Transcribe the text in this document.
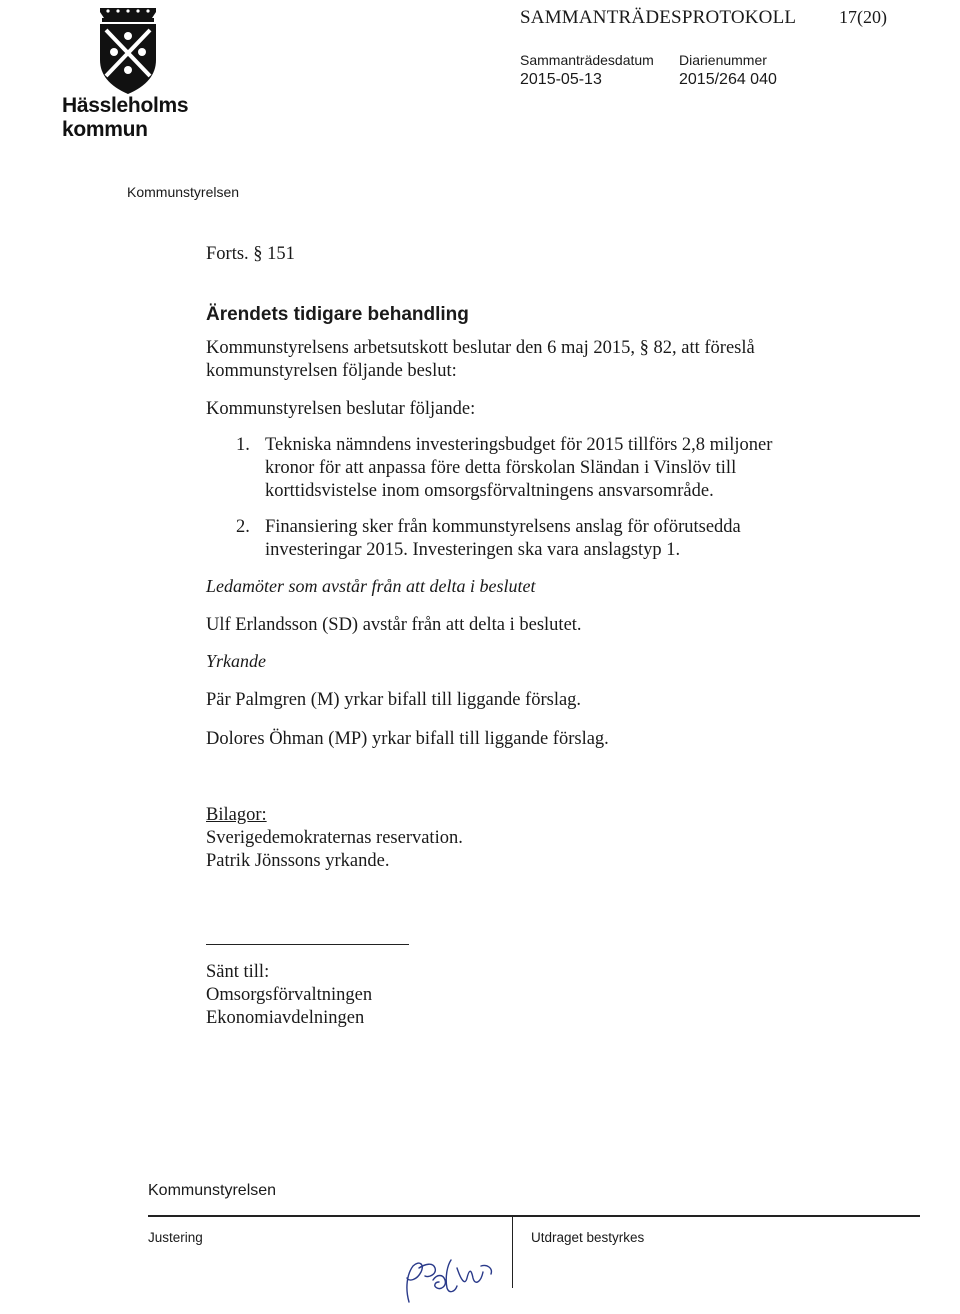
Hässleholms
kommun
SAMMANTRÄDESPROTOKOLL 17(20)
Sammanträdesdatum
2015-05-13
Diarienummer
2015/264 040
Kommunstyrelsen
Forts. § 151
Ärendets tidigare behandling
Kommunstyrelsens arbetsutskott beslutar den 6 maj 2015, § 82, att föreslå kommunstyrelsen följande beslut:
Kommunstyrelsen beslutar följande:
1. Tekniska nämndens investeringsbudget för 2015 tillförs 2,8 miljoner kronor för att anpassa före detta förskolan Sländan i Vinslöv till korttidsvistelse inom omsorgsförvaltningens ansvarsområde.
2. Finansiering sker från kommunstyrelsens anslag för oförutsedda investeringar 2015. Investeringen ska vara anslagstyp 1.
Ledamöter som avstår från att delta i beslutet
Ulf Erlandsson (SD) avstår från att delta i beslutet.
Yrkande
Pär Palmgren (M) yrkar bifall till liggande förslag.
Dolores Öhman (MP) yrkar bifall till liggande förslag.
Bilagor:
Sverigedemokraternas reservation.
Patrik Jönssons yrkande.
Sänt till:
Omsorgsförvaltningen
Ekonomiavdelningen
Kommunstyrelsen
Justering	Utdraget bestyrkes
